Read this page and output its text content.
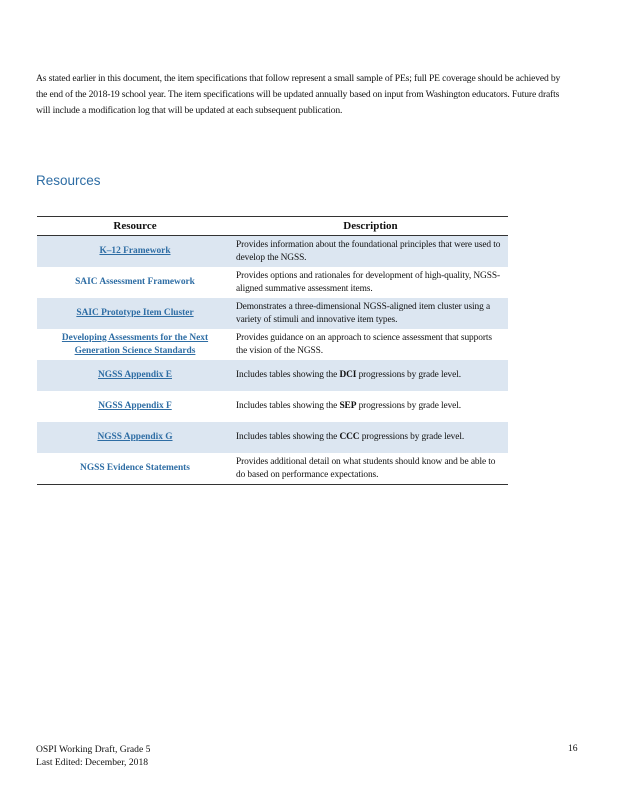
As stated earlier in this document, the item specifications that follow represent a small sample of PEs; full PE coverage should be achieved by the end of the 2018-19 school year. The item specifications will be updated annually based on input from Washington educators. Future drafts will include a modification log that will be updated at each subsequent publication.
Resources
Resource	Description
K–12 Framework	Provides information about the foundational principles that were used to develop the NGSS.
SAIC Assessment Framework	Provides options and rationales for development of high-quality, NGSS-aligned summative assessment items.
SAIC Prototype Item Cluster	Demonstrates a three-dimensional NGSS-aligned item cluster using a variety of stimuli and innovative item types.
Developing Assessments for the Next Generation Science Standards	Provides guidance on an approach to science assessment that supports the vision of the NGSS.
NGSS Appendix E	Includes tables showing the DCI progressions by grade level.
NGSS Appendix F	Includes tables showing the SEP progressions by grade level.
NGSS Appendix G	Includes tables showing the CCC progressions by grade level.
NGSS Evidence Statements	Provides additional detail on what students should know and be able to do based on performance expectations.
OSPI Working Draft, Grade 5
Last Edited: December, 2018
16
